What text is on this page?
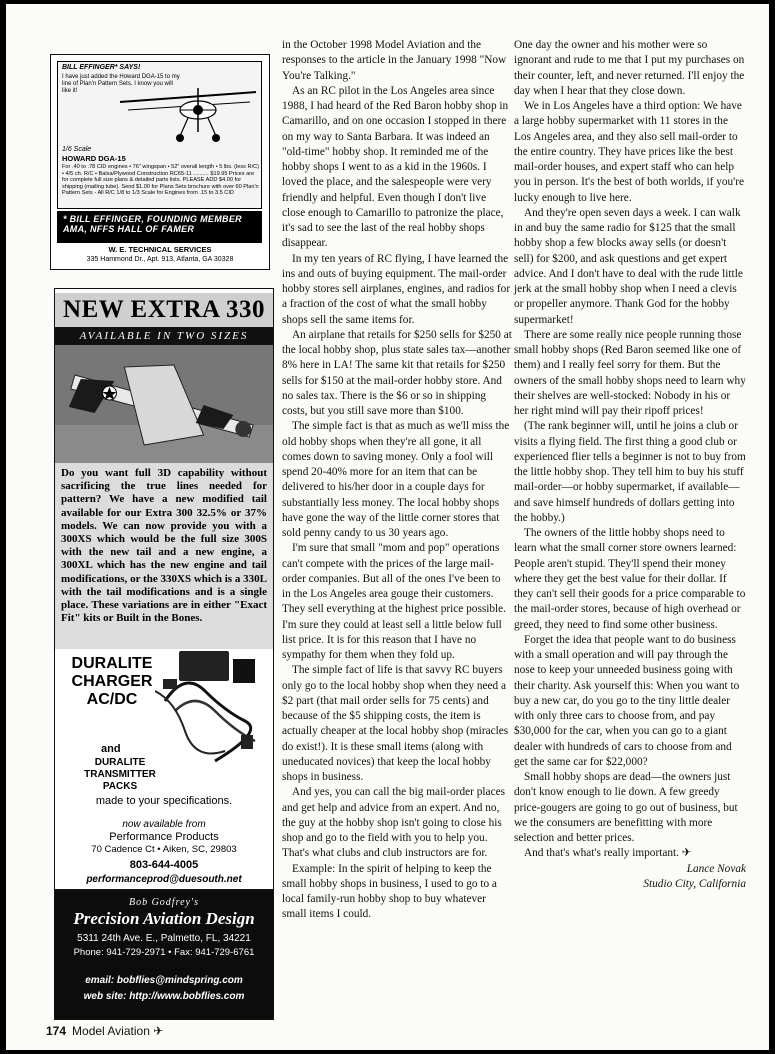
BILL EFFINGER* SAYS!
I have just added the Howard DGA-15 to my line of Plan'n Pattern Sets. I know you will like it!
1/6 Scale
HOWARD DGA-15
For .40 to .78 CID engines • 76" wingspan • 52" overall length • 5 lbs. (less R/C) • 4/5 ch. R/C • Balsa/Plywood Construction RC65-11 .......... $19.95 Prices are for complete full size plans & detailed parts lists. PLEASE ADD $4.00 for shipping (mailing tube). Send $1.00 for Plans Sets brochure with over 60 Plan'n Pattern Sets - All R/C 1/8 to 1/3 Scale for Engines from .15 to 3.5 CID
* BILL EFFINGER, FOUNDING MEMBER AMA, NFFS HALL OF FAMER
W. E. TECHNICAL SERVICES
335 Hammond Dr., Apt. 913, Atlanta, GA 30328
NEW EXTRA 330
AVAILABLE IN TWO SIZES
Do you want full 3D capability without sacrificing the true lines needed for pattern? We have a new modified tail available for our Extra 300 32.5% or 37% models. We can now provide you with a 300XS which would be the full size 300S with the new tail and a new engine, a 300XL which has the new engine and tail modifications, or the 330XS which is a 330L with the tail modifications and is a single place. These variations are in either "Exact Fit" kits or Built in the Bones.
DURALITE
CHARGER
AC/DC
and
DURALITE
TRANSMITTER
PACKS
made to your specifications.
now available from
Performance Products
70 Cadence Ct • Aiken, SC, 29803
803-644-4005
performanceprod@duesouth.net
Bob Godfrey's
Precision Aviation Design
5311 24th Ave. E., Palmetto, FL, 34221
Phone: 941-729-2971 • Fax: 941-729-6761
email: bobflies@mindspring.com
web site: http://www.bobflies.com

in the October 1998 Model Aviation and the responses to the article in the January 1998 "Now You're Talking."

As an RC pilot in the Los Angeles area since 1988, I had heard of the Red Baron hobby shop in Camarillo, and on one occasion I stopped in there on my way to Santa Barbara. It was indeed an "old-time" hobby shop. It reminded me of the hobby shops I went to as a kid in the 1960s. I loved the place, and the salespeople were very friendly and helpful. Even though I don't live close enough to Camarillo to patronize the place, it's sad to see the last of the real hobby shops disappear.

In my ten years of RC flying, I have learned the ins and outs of buying equipment. The mail-order hobby stores sell airplanes, engines, and radios for a fraction of the cost of what the small hobby shops sell the same items for.

An airplane that retails for $250 sells for $250 at the local hobby shop, plus state sales tax—another 8% here in LA! The same kit that retails for $250 sells for $150 at the mail-order hobby store. And no sales tax. There is the $6 or so in shipping costs, but you still save more than $100.

The simple fact is that as much as we'll miss the old hobby shops when they're all gone, it all comes down to saving money. Only a fool will spend 20-40% more for an item that can be delivered to his/her door in a couple days for substantially less money. The local hobby shops have gone the way of the little corner stores that sold penny candy to us 30 years ago.

I'm sure that small "mom and pop" operations can't compete with the prices of the large mail-order companies. But all of the ones I've been to in the Los Angeles area gouge their customers. They sell everything at the highest price possible. I'm sure they could at least sell a little below full list price. It is for this reason that I have no sympathy for them when they fold up.

The simple fact of life is that savvy RC buyers only go to the local hobby shop when they need a $2 part (that mail order sells for 75 cents) and because of the $5 shipping costs, the item is actually cheaper at the local hobby shop (miracles do exist!). It is these small items (along with uneducated novices) that keep the local hobby shops in business.

And yes, you can call the big mail-order places and get help and advice from an expert. And no, the guy at the hobby shop isn't going to close his shop and go to the field with you to help you. That's what clubs and club instructors are for.

Example: In the spirit of helping to keep the small hobby shops in business, I used to go to a local family-run hobby shop to buy whatever small items I could.

One day the owner and his mother were so ignorant and rude to me that I put my purchases on their counter, left, and never returned. I'll enjoy the day when I hear that they close down.

We in Los Angeles have a third option: We have a large hobby supermarket with 11 stores in the Los Angeles area, and they also sell mail-order to the entire country. They have prices like the best mail-order houses, and expert staff who can help you in person. It's the best of both worlds, if you're lucky enough to live here.

And they're open seven days a week. I can walk in and buy the same radio for $125 that the small hobby shop a few blocks away sells (or doesn't sell) for $200, and ask questions and get expert advice. And I don't have to deal with the rude little jerk at the small hobby shop when I need a clevis or propeller anymore. Thank God for the hobby supermarket!

There are some really nice people running those small hobby shops (Red Baron seemed like one of them) and I really feel sorry for them. But the owners of the small hobby shops need to learn why their shelves are well-stocked: Nobody in his or her right mind will pay their ripoff prices!

(The rank beginner will, until he joins a club or visits a flying field. The first thing a good club or experienced flier tells a beginner is not to buy from the little hobby shop. They tell him to buy his stuff mail-order—or hobby supermarket, if available—and save himself hundreds of dollars getting into the hobby.)

The owners of the little hobby shops need to learn what the small corner store owners learned: People aren't stupid. They'll spend their money where they get the best value for their dollar. If they can't sell their goods for a price comparable to the mail-order stores, because of high overhead or greed, they need to find some other business.

Forget the idea that people want to do business with a small operation and will pay through the nose to keep your unneeded business going with their charity. Ask yourself this: When you want to buy a new car, do you go to the tiny little dealer with only three cars to choose from, and pay $30,000 for the car, when you can go to a giant dealer with hundreds of cars to choose from and get the same car for $22,000?

Small hobby shops are dead—the owners just don't know enough to lie down. A few greedy price-gougers are going to go out of business, but we the consumers are benefitting with more selection and better prices.

And that's what's really important. ✈

Lance Novak
Studio City, California
174 Model Aviation ✈
